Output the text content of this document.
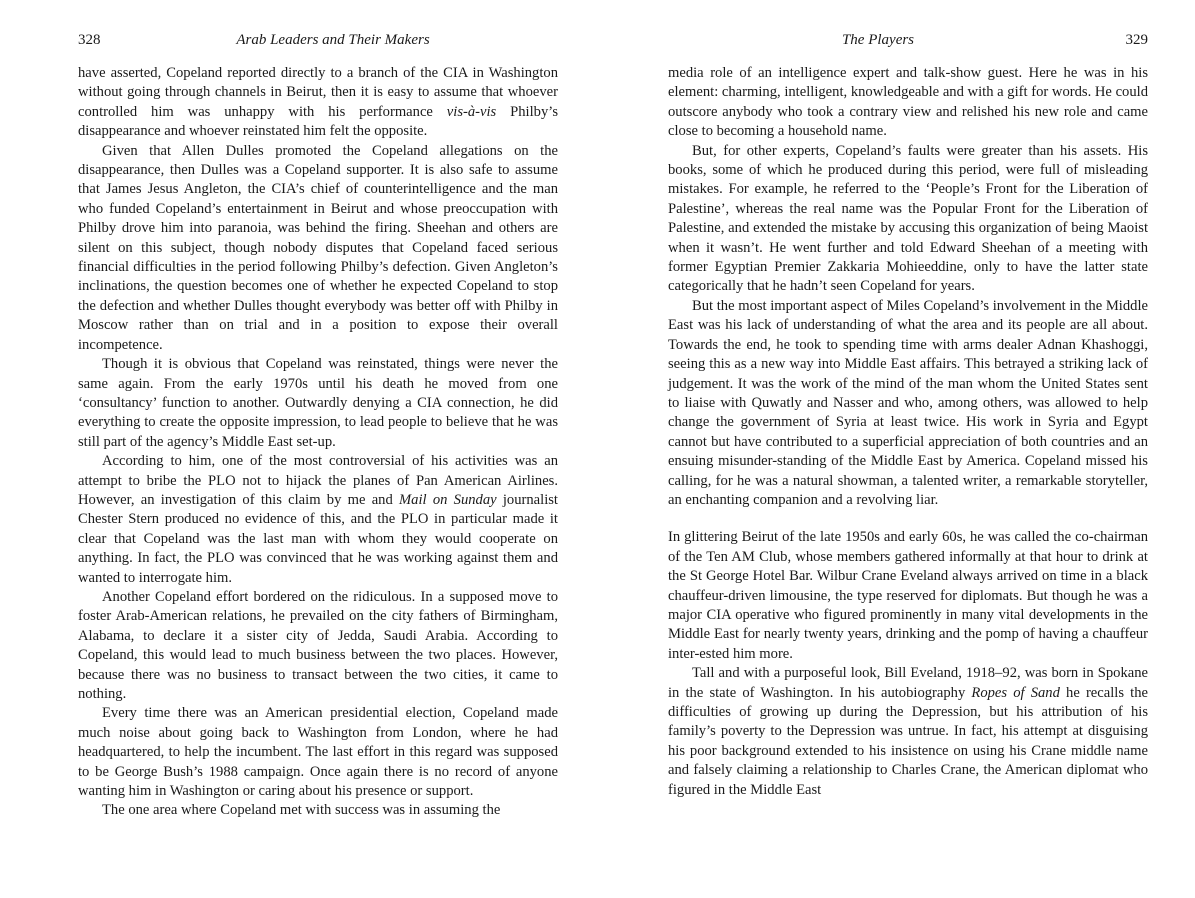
328	Arab Leaders and Their Makers

have asserted, Copeland reported directly to a branch of the CIA in Washington without going through channels in Beirut, then it is easy to assume that whoever controlled him was unhappy with his performance vis-à-vis Philby’s disappearance and whoever reinstated him felt the opposite.

Given that Allen Dulles promoted the Copeland allegations on the disappearance, then Dulles was a Copeland supporter. It is also safe to assume that James Jesus Angleton, the CIA’s chief of counterintelligence and the man who funded Copeland’s entertainment in Beirut and whose preoccupation with Philby drove him into paranoia, was behind the firing. Sheehan and others are silent on this subject, though nobody disputes that Copeland faced serious financial difficulties in the period following Philby’s defection. Given Angleton’s inclinations, the question becomes one of whether he expected Copeland to stop the defection and whether Dulles thought everybody was better off with Philby in Moscow rather than on trial and in a position to expose their overall incompetence.

Though it is obvious that Copeland was reinstated, things were never the same again. From the early 1970s until his death he moved from one ‘consultancy’ function to another. Outwardly denying a CIA connection, he did everything to create the opposite impression, to lead people to believe that he was still part of the agency’s Middle East set-up.

According to him, one of the most controversial of his activities was an attempt to bribe the PLO not to hijack the planes of Pan American Airlines. However, an investigation of this claim by me and Mail on Sunday journalist Chester Stern produced no evidence of this, and the PLO in particular made it clear that Copeland was the last man with whom they would cooperate on anything. In fact, the PLO was convinced that he was working against them and wanted to interrogate him.

Another Copeland effort bordered on the ridiculous. In a supposed move to foster Arab-American relations, he prevailed on the city fathers of Birmingham, Alabama, to declare it a sister city of Jedda, Saudi Arabia. According to Copeland, this would lead to much business between the two places. However, because there was no business to transact between the two cities, it came to nothing.

Every time there was an American presidential election, Copeland made much noise about going back to Washington from London, where he had headquartered, to help the incumbent. The last effort in this regard was supposed to be George Bush’s 1988 campaign. Once again there is no record of anyone wanting him in Washington or caring about his presence or support.

The one area where Copeland met with success was in assuming the

The Players	329

media role of an intelligence expert and talk-show guest. Here he was in his element: charming, intelligent, knowledgeable and with a gift for words. He could outscore anybody who took a contrary view and relished his new role and came close to becoming a household name.

But, for other experts, Copeland’s faults were greater than his assets. His books, some of which he produced during this period, were full of misleading mistakes. For example, he referred to the ‘People’s Front for the Liberation of Palestine’, whereas the real name was the Popular Front for the Liberation of Palestine, and extended the mistake by accusing this organization of being Maoist when it wasn’t. He went further and told Edward Sheehan of a meeting with former Egyptian Premier Zakkaria Mohieeddine, only to have the latter state categorically that he hadn’t seen Copeland for years.

But the most important aspect of Miles Copeland’s involvement in the Middle East was his lack of understanding of what the area and its people are all about. Towards the end, he took to spending time with arms dealer Adnan Khashoggi, seeing this as a new way into Middle East affairs. This betrayed a striking lack of judgement. It was the work of the mind of the man whom the United States sent to liaise with Quwatly and Nasser and who, among others, was allowed to help change the government of Syria at least twice. His work in Syria and Egypt cannot but have contributed to a superficial appreciation of both countries and an ensuing misunder-standing of the Middle East by America. Copeland missed his calling, for he was a natural showman, a talented writer, a remarkable storyteller, an enchanting companion and a revolving liar.

In glittering Beirut of the late 1950s and early 60s, he was called the co-chairman of the Ten AM Club, whose members gathered informally at that hour to drink at the St George Hotel Bar. Wilbur Crane Eveland always arrived on time in a black chauffeur-driven limousine, the type reserved for diplomats. But though he was a major CIA operative who figured prominently in many vital developments in the Middle East for nearly twenty years, drinking and the pomp of having a chauffeur inter-ested him more.

Tall and with a purposeful look, Bill Eveland, 1918–92, was born in Spokane in the state of Washington. In his autobiography Ropes of Sand he recalls the difficulties of growing up during the Depression, but his attribution of his family’s poverty to the Depression was untrue. In fact, his attempt at disguising his poor background extended to his insistence on using his Crane middle name and falsely claiming a relationship to Charles Crane, the American diplomat who figured in the Middle East
